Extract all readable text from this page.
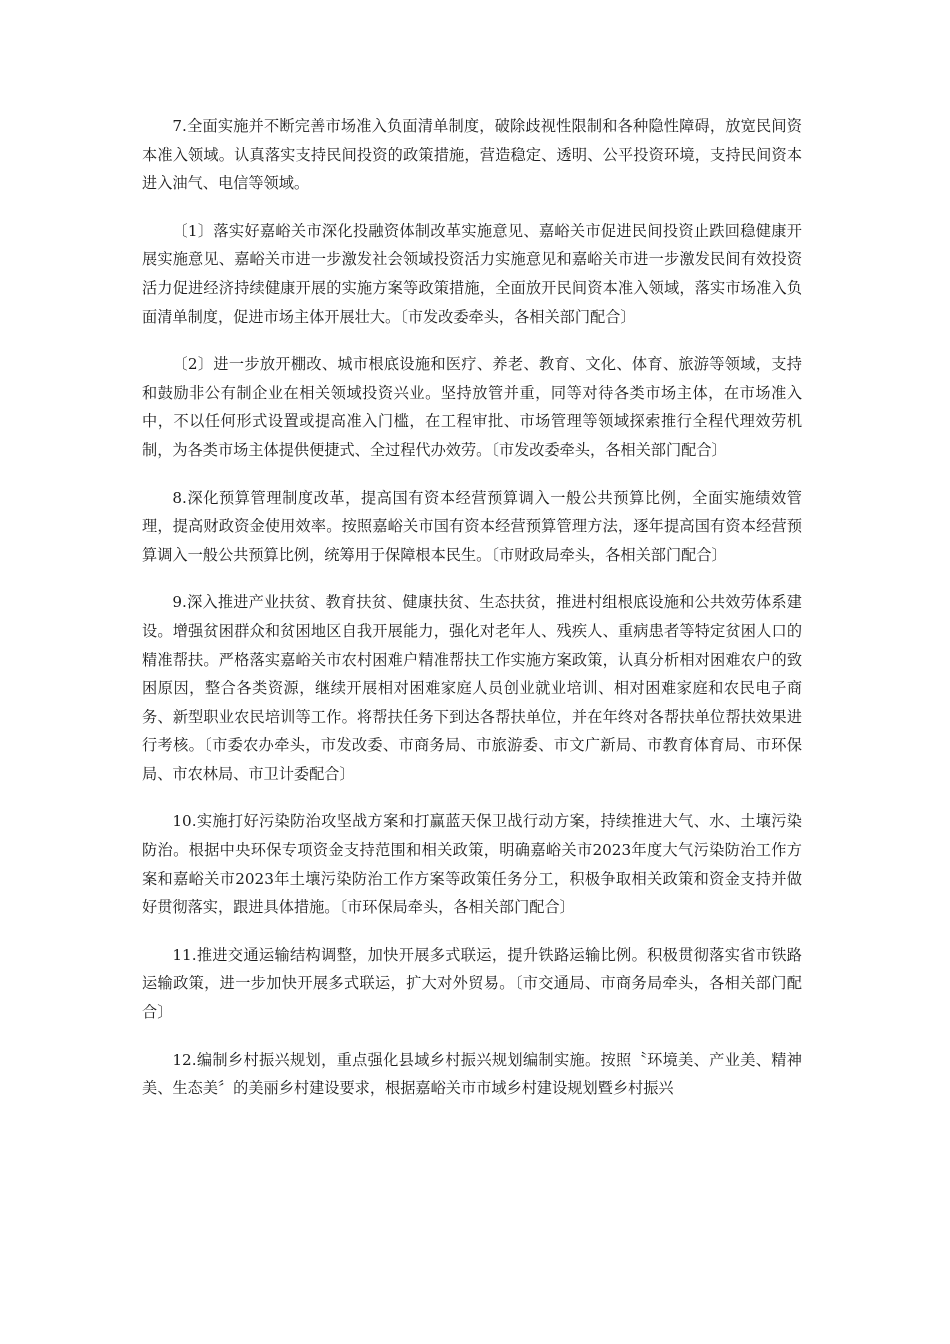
7.全面实施并不断完善市场准入负面清单制度，破除歧视性限制和各种隐性障碍，放宽民间资本准入领域。认真落实支持民间投资的政策措施，营造稳定、透明、公平投资环境，支持民间资本进入油气、电信等领域。

〔1〕落实好嘉峪关市深化投融资体制改革实施意见、嘉峪关市促进民间投资止跌回稳健康开展实施意见、嘉峪关市进一步激发社会领域投资活力实施意见和嘉峪关市进一步激发民间有效投资活力促进经济持续健康开展的实施方案等政策措施，全面放开民间资本准入领域，落实市场准入负面清单制度，促进市场主体开展壮大。〔市发改委牵头，各相关部门配合〕

〔2〕进一步放开棚改、城市根底设施和医疗、养老、教育、文化、体育、旅游等领域，支持和鼓励非公有制企业在相关领域投资兴业。坚持放管并重，同等对待各类市场主体，在市场准入中，不以任何形式设置或提高准入门槛，在工程审批、市场管理等领域探索推行全程代理效劳机制，为各类市场主体提供便捷式、全过程代办效劳。〔市发改委牵头，各相关部门配合〕

8.深化预算管理制度改革，提高国有资本经营预算调入一般公共预算比例，全面实施绩效管理，提高财政资金使用效率。按照嘉峪关市国有资本经营预算管理方法，逐年提高国有资本经营预算调入一般公共预算比例，统筹用于保障根本民生。〔市财政局牵头，各相关部门配合〕

9.深入推进产业扶贫、教育扶贫、健康扶贫、生态扶贫，推进村组根底设施和公共效劳体系建设。增强贫困群众和贫困地区自我开展能力，强化对老年人、残疾人、重病患者等特定贫困人口的精准帮扶。严格落实嘉峪关市农村困难户精准帮扶工作实施方案政策，认真分析相对困难农户的致困原因，整合各类资源，继续开展相对困难家庭人员创业就业培训、相对困难家庭和农民电子商务、新型职业农民培训等工作。将帮扶任务下到达各帮扶单位，并在年终对各帮扶单位帮扶效果进行考核。〔市委农办牵头，市发改委、市商务局、市旅游委、市文广新局、市教育体育局、市环保局、市农林局、市卫计委配合〕

10.实施打好污染防治攻坚战方案和打赢蓝天保卫战行动方案，持续推进大气、水、土壤污染防治。根据中央环保专项资金支持范围和相关政策，明确嘉峪关市2023年度大气污染防治工作方案和嘉峪关市2023年土壤污染防治工作方案等政策任务分工，积极争取相关政策和资金支持并做好贯彻落实，跟进具体措施。〔市环保局牵头，各相关部门配合〕

11.推进交通运输结构调整，加快开展多式联运，提升铁路运输比例。积极贯彻落实省市铁路运输政策，进一步加快开展多式联运，扩大对外贸易。〔市交通局、市商务局牵头，各相关部门配合〕

12.编制乡村振兴规划，重点强化县域乡村振兴规划编制实施。按照〝环境美、产业美、精神美、生态美〞的美丽乡村建设要求，根据嘉峪关市市域乡村建设规划暨乡村振兴
